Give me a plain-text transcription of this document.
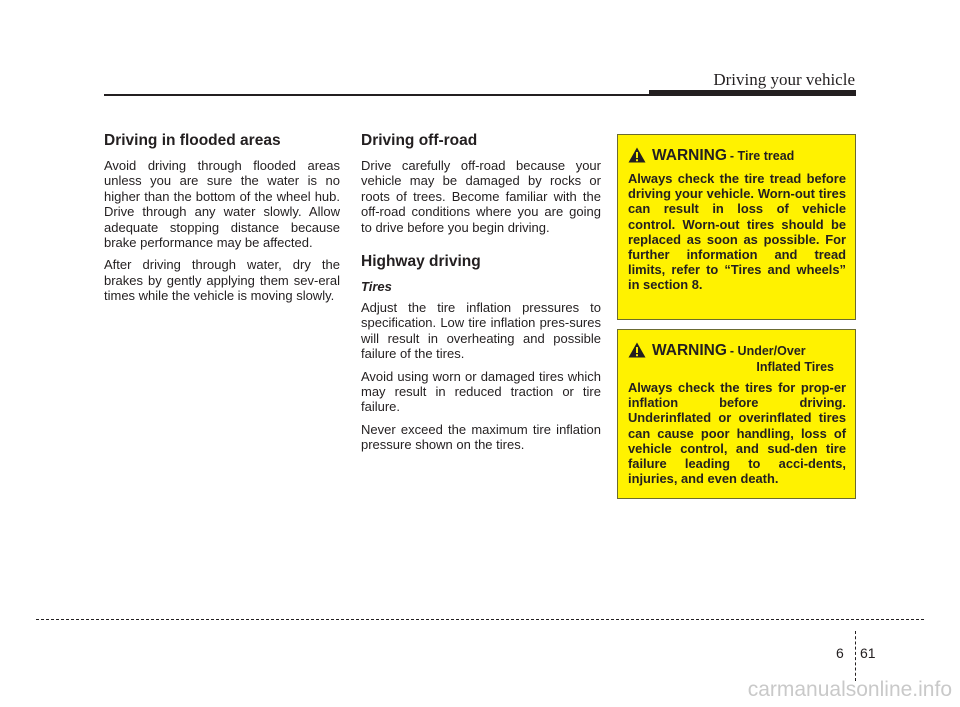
Driving your vehicle
Driving in flooded areas

Avoid driving through flooded areas unless you are sure the water is no higher than the bottom of the wheel hub. Drive through any water slowly. Allow adequate stopping distance because brake performance may be affected.

After driving through water, dry the brakes by gently applying them sev-eral times while the vehicle is moving slowly.

Driving off-road

Drive carefully off-road because your vehicle may be damaged by rocks or roots of trees. Become familiar with the off-road conditions where you are going to drive before you begin driving.

Highway driving
Tires

Adjust the tire inflation pressures to specification. Low tire inflation pres-sures will result in overheating and possible failure of the tires.

Avoid using worn or damaged tires which may result in reduced traction or tire failure.

Never exceed the maximum tire inflation pressure shown on the tires.

WARNING - Tire tread

Always check the tire tread before driving your vehicle. Worn-out tires can result in loss of vehicle control. Worn-out tires should be replaced as soon as possible. For further information and tread limits, refer to “Tires and wheels” in section 8.

WARNING - Under/Over
Inflated Tires

Always check the tires for prop-er inflation before driving. Underinflated or overinflated tires can cause poor handling, loss of vehicle control, and sud-den tire failure leading to acci-dents, injuries, and even death.

6 61
carmanualsonline.info
